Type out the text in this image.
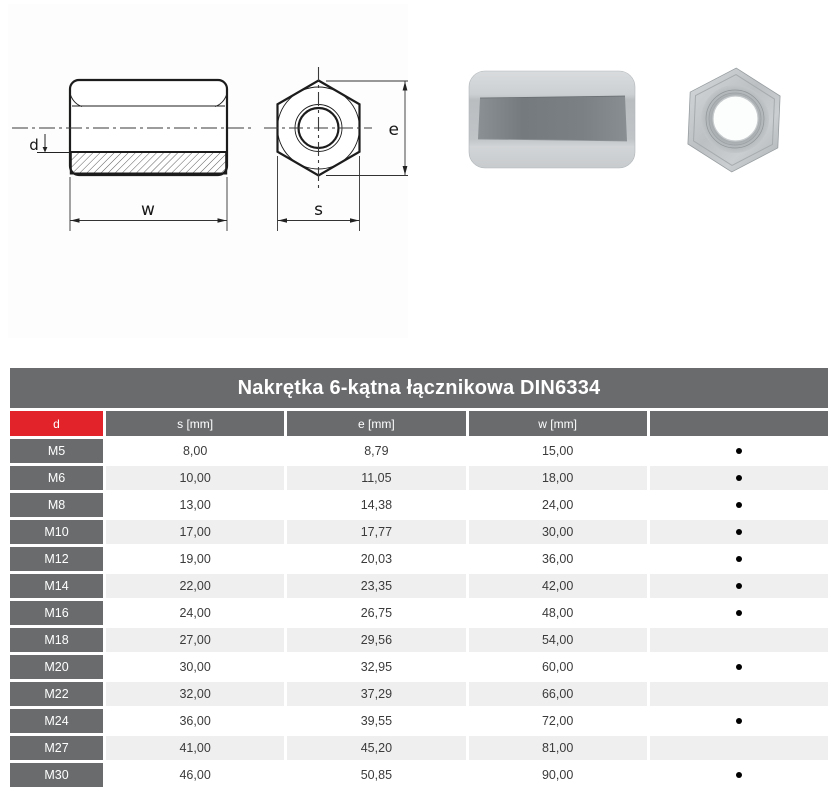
d
w	s
e
Nakrętka 6-kątna łącznikowa DIN6334
d	s [mm]	e [mm]	w [mm]
M5	8,00	8,79	15,00
M6	10,00	11,05	18,00
M8	13,00	14,38	24,00
M10	17,00	17,77	30,00
M12	19,00	20,03	36,00
M14	22,00	23,35	42,00
M16	24,00	26,75	48,00
M18	27,00	29,56	54,00
M20	30,00	32,95	60,00
M22	32,00	37,29	66,00
M24	36,00	39,55	72,00
M27	41,00	45,20	81,00
M30	46,00	50,85	90,00
